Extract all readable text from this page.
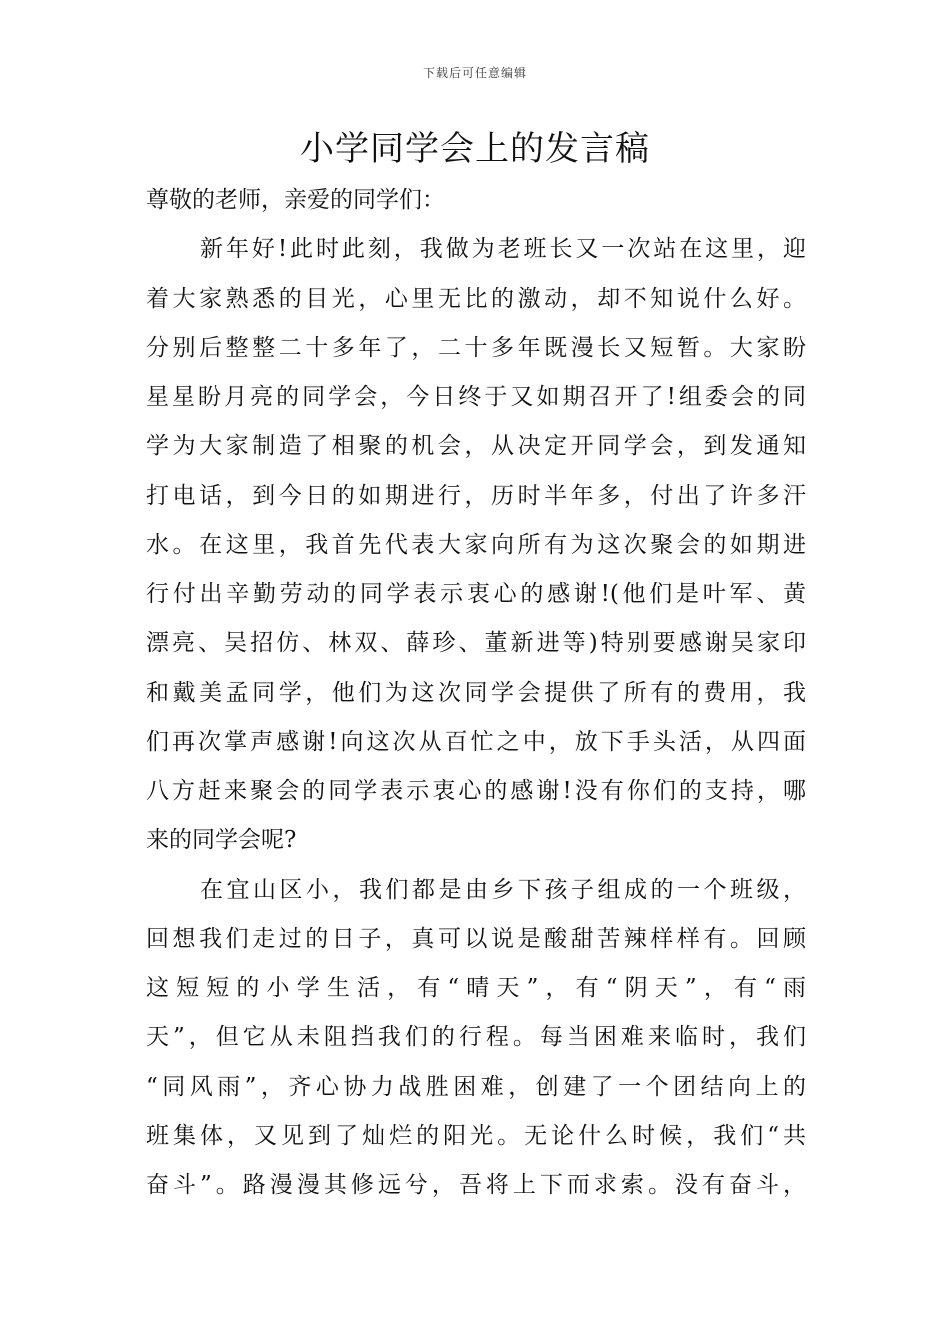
下载后可任意编辑
小学同学会上的发言稿
尊敬的老师，亲爱的同学们：
新年好!此时此刻，我做为老班长又一次站在这里，迎
着大家熟悉的目光，心里无比的激动，却不知说什么好。
分别后整整二十多年了，二十多年既漫长又短暂。大家盼
星星盼月亮的同学会，今日终于又如期召开了!组委会的同
学为大家制造了相聚的机会，从决定开同学会，到发通知
打电话，到今日的如期进行，历时半年多，付出了许多汗
水。在这里，我首先代表大家向所有为这次聚会的如期进
行付出辛勤劳动的同学表示衷心的感谢!(他们是叶军、黄
漂亮、吴招仿、林双、薛珍、董新进等)特别要感谢吴家印
和戴美孟同学，他们为这次同学会提供了所有的费用，我
们再次掌声感谢!向这次从百忙之中，放下手头活，从四面
八方赶来聚会的同学表示衷心的感谢!没有你们的支持，哪
来的同学会呢?
在宜山区小，我们都是由乡下孩子组成的一个班级，
回想我们走过的日子，真可以说是酸甜苦辣样样有。回顾
这短短的小学生活，有“晴天”，有“阴天”，有“雨
天”，但它从未阻挡我们的行程。每当困难来临时，我们
“同风雨”，齐心协力战胜困难，创建了一个团结向上的
班集体，又见到了灿烂的阳光。无论什么时候，我们“共
奋斗”。路漫漫其修远兮，吾将上下而求索。没有奋斗，
